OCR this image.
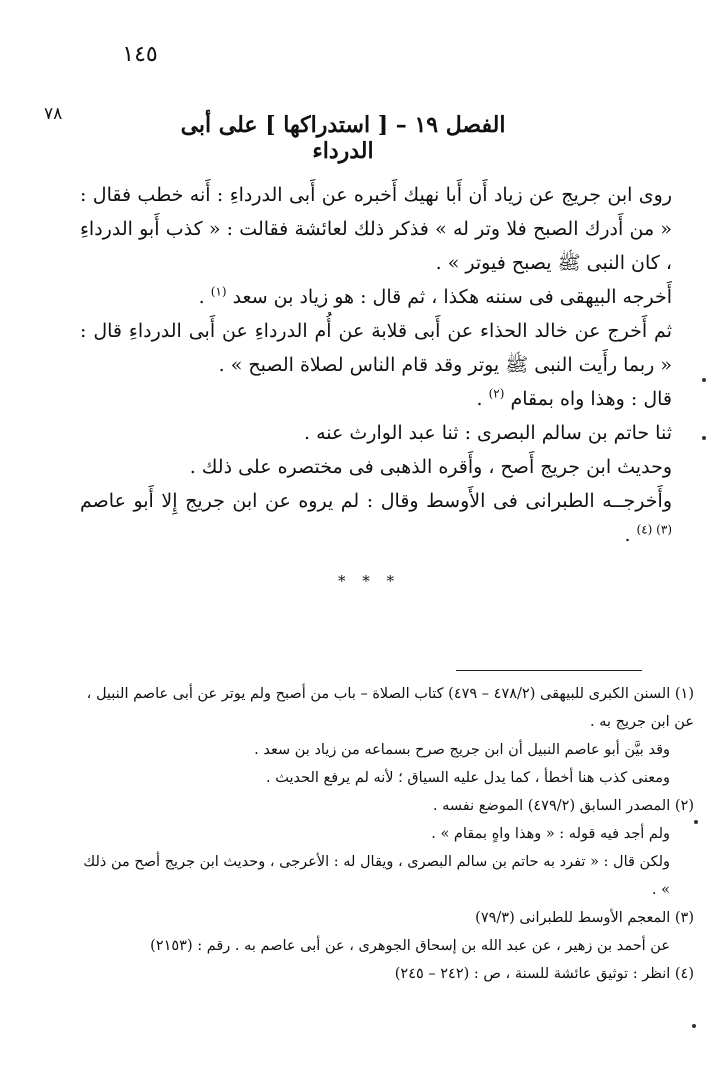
١٤٥
٧٨	الفصل ١٩ – [ استدراكها ] على أبى الدرداء

روى ابن جريج عن زياد أَن أَبا نهيك أَخبره عن أَبى الدرداءِ : أَنه خطب فقال : « من أَدرك الصبح فلا وتر له » فذكر ذلك لعائشة فقالت : « كذب أَبو الدرداءِ ، كان النبى ﷺ يصبح فيوتر » .

أَخرجه البيهقى فى سننه هكذا ، ثم قال : هو زياد بن سعد $^{(١)}$ .

ثم أَخرج عن خالد الحذاء عن أَبى قلابة عن أُم الدرداءِ عن أَبى الدرداءِ قال : « ربما رأَيت النبى ﷺ يوتر وقد قام الناس لصلاة الصبح » .

قال : وهذا واه بمقام $^{(٢)}$ .

ثنا حاتم بن سالم البصرى : ثنا عبد الوارث عنه .

وحديث ابن جريج أَصح ، وأَقره الذهبى فى مختصره على ذلك .

وأَخرجــه الطبرانى فى الأَوسط وقال : لم يروه عن ابن جريج إِلا أَبو عاصم $^{(٣) (٤)}$ .

* * *

(١) السنن الكبرى للبيهقى (٤٧٨/٢ – ٤٧٩) كتاب الصلاة – باب من أصبح ولم يوتر عن أبى عاصم النبيل ، عن ابن جريج به .

وقد بيَّن أبو عاصم النبيل أن ابن جريج صرح بسماعه من زياد بن سعد .

ومعنى كذب هنا أخطأ ، كما يدل عليه السياق ؛ لأنه لم يرفع الحديث .

(٢) المصدر السابق (٤٧٩/٢) الموضع نفسه .

ولم أجد فيه قوله : « وهذا واهٍ بمقام » .

ولكن قال : « تفرد به حاتم بن سالم البصرى ، ويقال له : الأعرجى ، وحديث ابن جريج أصح من ذلك » .

(٣) المعجم الأوسط للطبرانى (٧٩/٣)

عن أحمد بن زهير ، عن عبد الله بن إسحاق الجوهرى ، عن أبى عاصم به . رقم : (٢١٥٣)

(٤) انظر : توثيق عائشة للسنة ، ص : (٢٤٢ – ٢٤٥)
